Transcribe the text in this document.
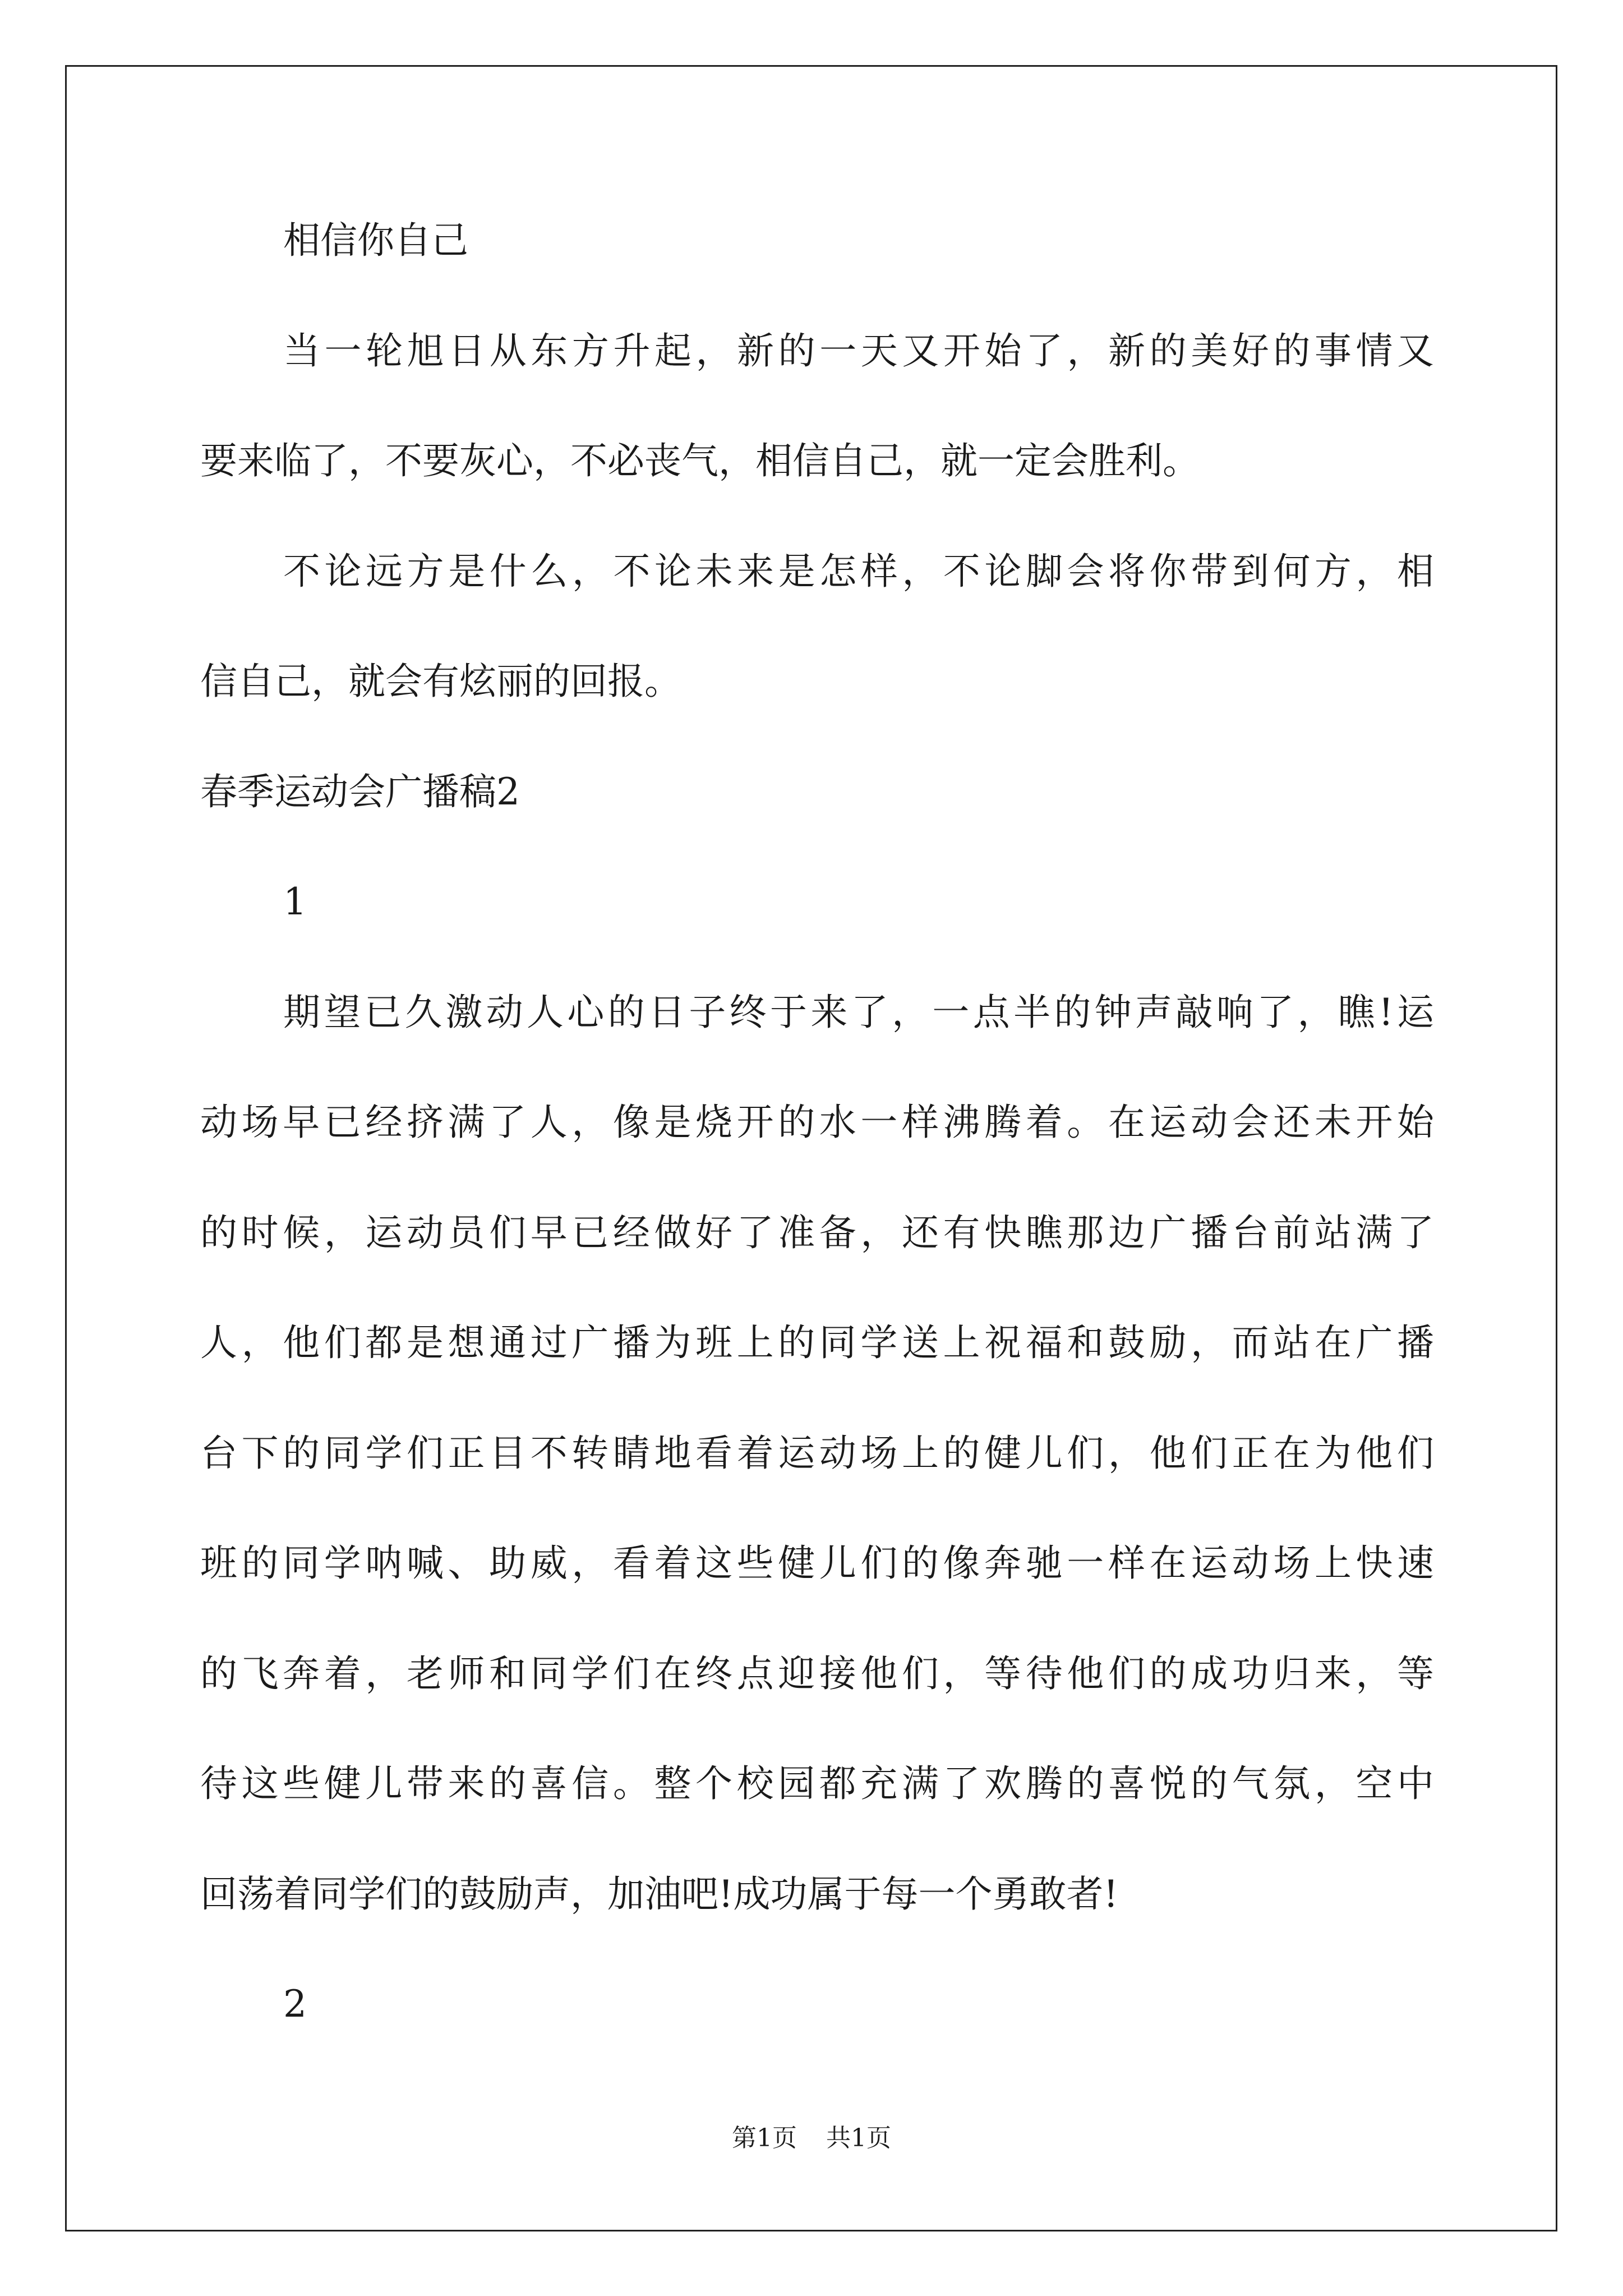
相信你自己
当一轮旭日从东方升起，新的一天又开始了，新的美好的事情又
要来临了，不要灰心，不必丧气，相信自己，就一定会胜利。
不论远方是什么，不论未来是怎样，不论脚会将你带到何方，相
信自己，就会有炫丽的回报。
春季运动会广播稿2
1
期望已久激动人心的日子终于来了，一点半的钟声敲响了，瞧!运
动场早已经挤满了人，像是烧开的水一样沸腾着。在运动会还未开始
的时候，运动员们早已经做好了准备，还有快瞧那边广播台前站满了
人，他们都是想通过广播为班上的同学送上祝福和鼓励，而站在广播
台下的同学们正目不转睛地看着运动场上的健儿们，他们正在为他们
班的同学呐喊、助威，看着这些健儿们的像奔驰一样在运动场上快速
的飞奔着，老师和同学们在终点迎接他们，等待他们的成功归来，等
待这些健儿带来的喜信。整个校园都充满了欢腾的喜悦的气氛，空中
回荡着同学们的鼓励声，加油吧!成功属于每一个勇敢者!
2
第1页 共1页
